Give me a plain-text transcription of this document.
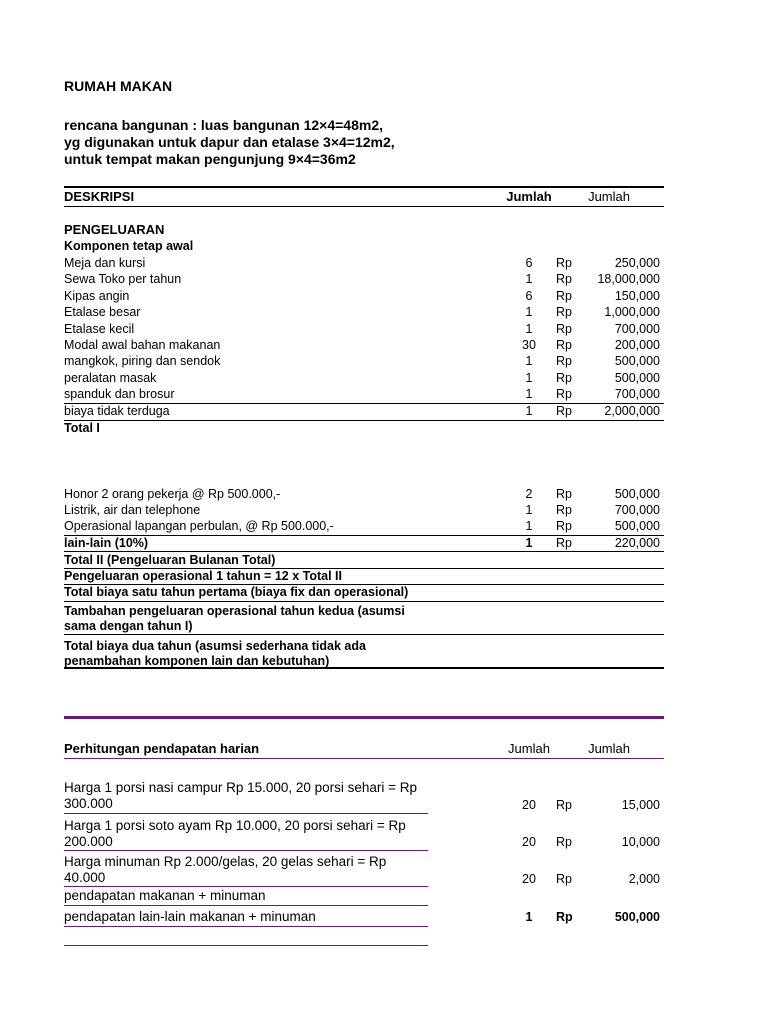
RUMAH MAKAN
rencana bangunan : luas bangunan 12×4=48m2,
yg digunakan untuk dapur dan etalase 3×4=12m2,
untuk tempat makan pengunjung 9×4=36m2
DESKRIPSI	Jumlah	Jumlah
PENGELUARAN
Komponen tetap awal
Meja dan kursi	6	Rp	250,000
Sewa Toko per tahun	1	Rp 18,000,000
Kipas angin	6	Rp	150,000
Etalase besar	1	Rp	1,000,000
Etalase kecil	1	Rp	700,000
Modal awal bahan makanan	30	Rp	200,000
mangkok, piring dan sendok	1	Rp	500,000
peralatan masak	1	Rp	500,000
spanduk dan brosur	1	Rp	700,000
biaya tidak terduga	1	Rp	2,000,000
Total I
Honor 2 orang pekerja @ Rp 500.000,-	2	Rp	500,000
Listrik, air dan telephone	1	Rp	700,000
Operasional lapangan perbulan, @ Rp 500.000,-	1	Rp	500,000
lain-lain (10%)	1	Rp	220,000
Total II (Pengeluaran Bulanan Total)
Pengeluaran operasional 1 tahun = 12 x Total II
Total biaya satu tahun pertama (biaya fix dan operasional)
Tambahan pengeluaran operasional tahun kedua (asumsi
sama dengan tahun I)
Total biaya dua tahun (asumsi sederhana tidak ada
penambahan komponen lain dan kebutuhan)
Perhitungan pendapatan harian	Jumlah	Jumlah
Harga 1 porsi nasi campur Rp 15.000, 20 porsi sehari = Rp 300.000	20	Rp	15,000
Harga 1 porsi soto ayam Rp 10.000, 20 porsi sehari = Rp 200.000	20	Rp	10,000
Harga minuman Rp 2.000/gelas, 20 gelas sehari = Rp 40.000	20	Rp	2,000
pendapatan makanan + minuman
pendapatan lain-lain makanan + minuman	1	Rp	500,000
